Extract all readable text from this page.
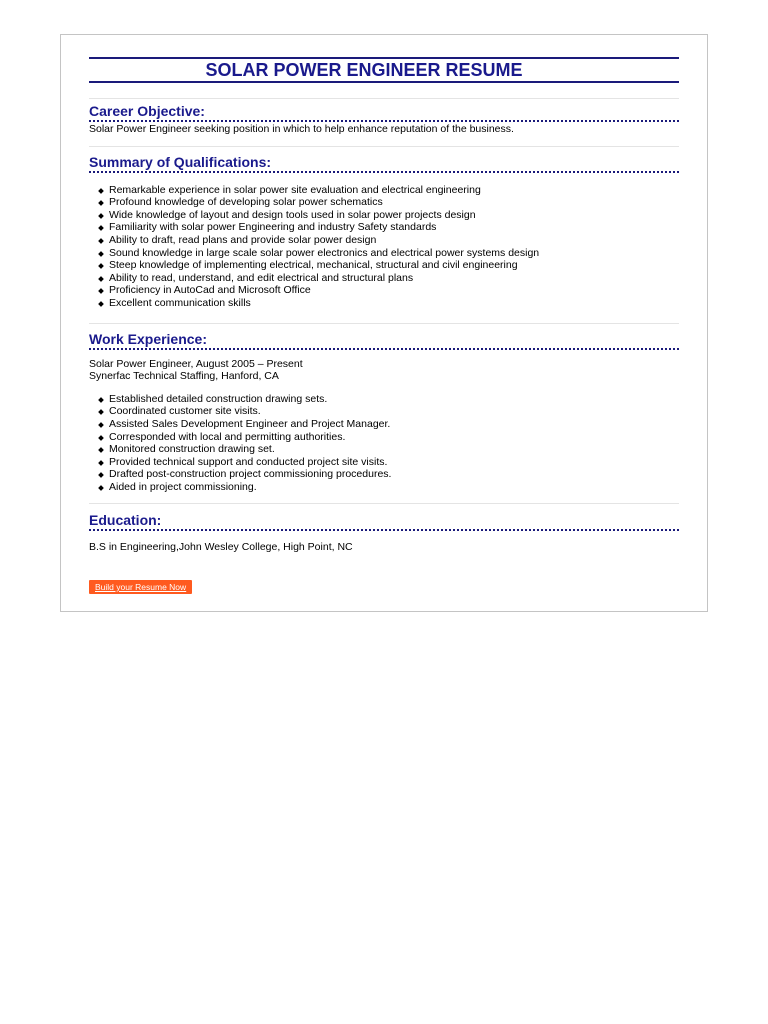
SOLAR POWER ENGINEER RESUME
Career Objective:
Solar Power Engineer seeking position in which to help enhance reputation of the business.
Summary of Qualifications:
Remarkable experience in solar power site evaluation and electrical engineering
Profound knowledge of developing solar power schematics
Wide knowledge of layout and design tools used in solar power projects design
Familiarity with solar power Engineering and industry Safety standards
Ability to draft, read plans and provide solar power design
Sound knowledge in large scale solar power electronics and electrical power systems design
Steep knowledge of implementing electrical, mechanical, structural and civil engineering
Ability to read, understand, and edit electrical and structural plans
Proficiency in AutoCad and Microsoft Office
Excellent communication skills
Work Experience:
Solar Power Engineer, August 2005 – Present
Synerfac Technical Staffing, Hanford, CA
Established detailed construction drawing sets.
Coordinated customer site visits.
Assisted Sales Development Engineer and Project Manager.
Corresponded with local and permitting authorities.
Monitored construction drawing set.
Provided technical support and conducted project site visits.
Drafted post-construction project commissioning procedures.
Aided in project commissioning.
Education:
B.S in Engineering,John Wesley College, High Point, NC
Build your Resume Now
